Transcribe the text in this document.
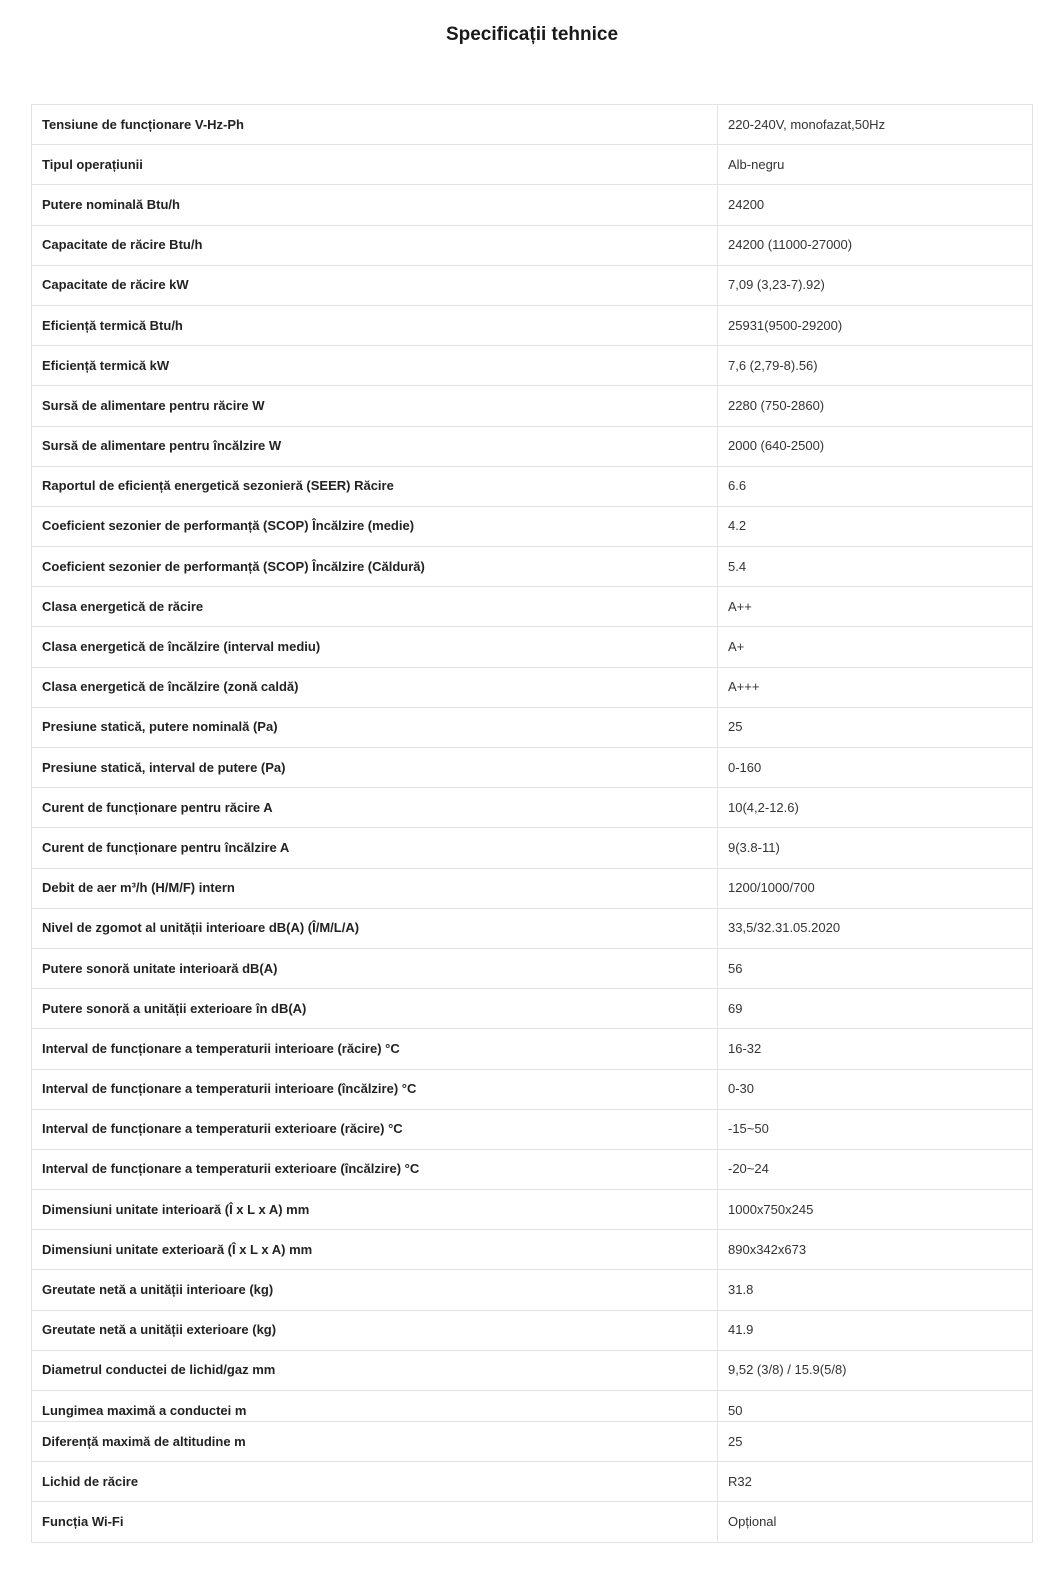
Specificații tehnice
Tensiune de funcționare V-Hz-Ph	220-240V, monofazat,50Hz
Tipul operațiunii	Alb-negru
Putere nominală Btu/h	24200
Capacitate de răcire Btu/h	24200 (11000-27000)
Capacitate de răcire kW	7,09 (3,23-7).92)
Eficiență termică Btu/h	25931(9500-29200)
Eficiență termică kW	7,6 (2,79-8).56)
Sursă de alimentare pentru răcire W	2280 (750-2860)
Sursă de alimentare pentru încălzire W	2000 (640-2500)
Raportul de eficiență energetică sezonieră (SEER) Răcire	6.6
Coeficient sezonier de performanță (SCOP) Încălzire (medie)	4.2
Coeficient sezonier de performanță (SCOP) Încălzire (Căldură)	5.4
Clasa energetică de răcire	A++
Clasa energetică de încălzire (interval mediu)	A+
Clasa energetică de încălzire (zonă caldă)	A+++
Presiune statică, putere nominală (Pa)	25
Presiune statică, interval de putere (Pa)	0-160
Curent de funcționare pentru răcire A	10(4,2-12.6)
Curent de funcționare pentru încălzire A	9(3.8-11)
Debit de aer m³/h (H/M/F) intern	1200/1000/700
Nivel de zgomot al unității interioare dB(A) (Î/M/L/A)	33,5/32.31.05.2020
Putere sonoră unitate interioară dB(A)	56
Putere sonoră a unității exterioare în dB(A)	69
Interval de funcționare a temperaturii interioare (răcire) °C	16-32
Interval de funcționare a temperaturii interioare (încălzire) °C	0-30
Interval de funcționare a temperaturii exterioare (răcire) °C	-15~50
Interval de funcționare a temperaturii exterioare (încălzire) °C	-20~24
Dimensiuni unitate interioară (Î x L x A) mm	1000x750x245
Dimensiuni unitate exterioară (Î x L x A) mm	890x342x673
Greutate netă a unității interioare (kg)	31.8
Greutate netă a unității exterioare (kg)	41.9
Diametrul conductei de lichid/gaz mm	9,52 (3/8) / 15.9(5/8)
Lungimea maximă a conductei m	50
Diferență maximă de altitudine m	25
Lichid de răcire	R32
Funcția Wi-Fi	Opțional
